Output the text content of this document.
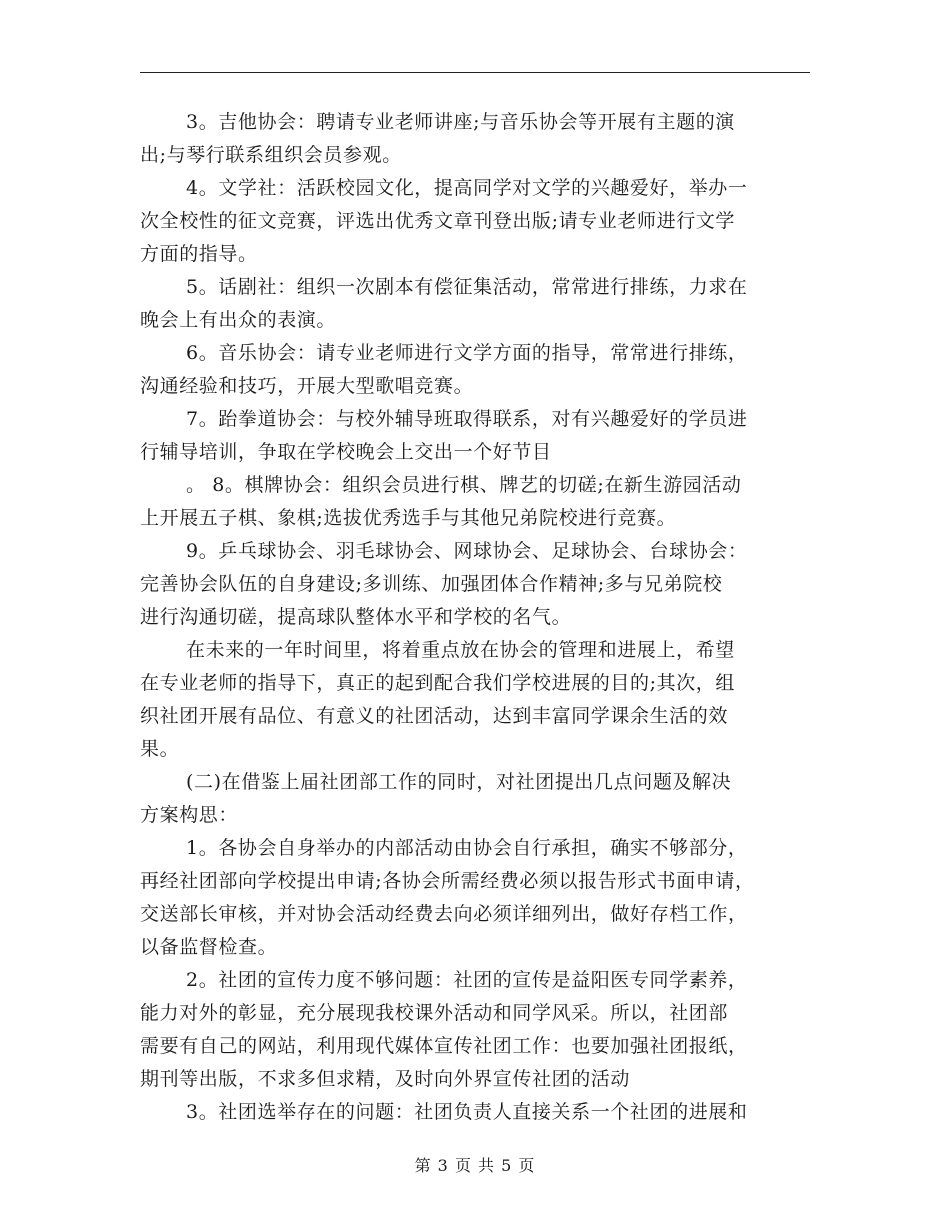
3。吉他协会：聘请专业老师讲座;与音乐协会等开展有主题的演
出;与琴行联系组织会员参观。
4。文学社：活跃校园文化，提高同学对文学的兴趣爱好，举办一
次全校性的征文竞赛，评选出优秀文章刊登出版;请专业老师进行文学
方面的指导。
5。话剧社：组织一次剧本有偿征集活动，常常进行排练，力求在
晚会上有出众的表演。
6。音乐协会：请专业老师进行文学方面的指导，常常进行排练，
沟通经验和技巧，开展大型歌唱竞赛。
7。跆拳道协会：与校外辅导班取得联系，对有兴趣爱好的学员进
行辅导培训，争取在学校晚会上交出一个好节目
。 8。棋牌协会：组织会员进行棋、牌艺的切磋;在新生游园活动
上开展五子棋、象棋;选拔优秀选手与其他兄弟院校进行竞赛。
9。乒乓球协会、羽毛球协会、网球协会、足球协会、台球协会：
完善协会队伍的自身建设;多训练、加强团体合作精神;多与兄弟院校
进行沟通切磋，提高球队整体水平和学校的名气。
在未来的一年时间里，将着重点放在协会的管理和进展上，希望
在专业老师的指导下，真正的起到配合我们学校进展的目的;其次，组
织社团开展有品位、有意义的社团活动，达到丰富同学课余生活的效
果。
(二)在借鉴上届社团部工作的同时，对社团提出几点问题及解决
方案构思：
1。各协会自身举办的内部活动由协会自行承担，确实不够部分，
再经社团部向学校提出申请;各协会所需经费必须以报告形式书面申请，
交送部长审核，并对协会活动经费去向必须详细列出，做好存档工作，
以备监督检查。
2。社团的宣传力度不够问题：社团的宣传是益阳医专同学素养，
能力对外的彰显，充分展现我校课外活动和同学风采。所以，社团部
需要有自己的网站，利用现代媒体宣传社团工作：也要加强社团报纸，
期刊等出版，不求多但求精，及时向外界宣传社团的活动
3。社团选举存在的问题：社团负责人直接关系一个社团的进展和
第 3 页 共 5 页
